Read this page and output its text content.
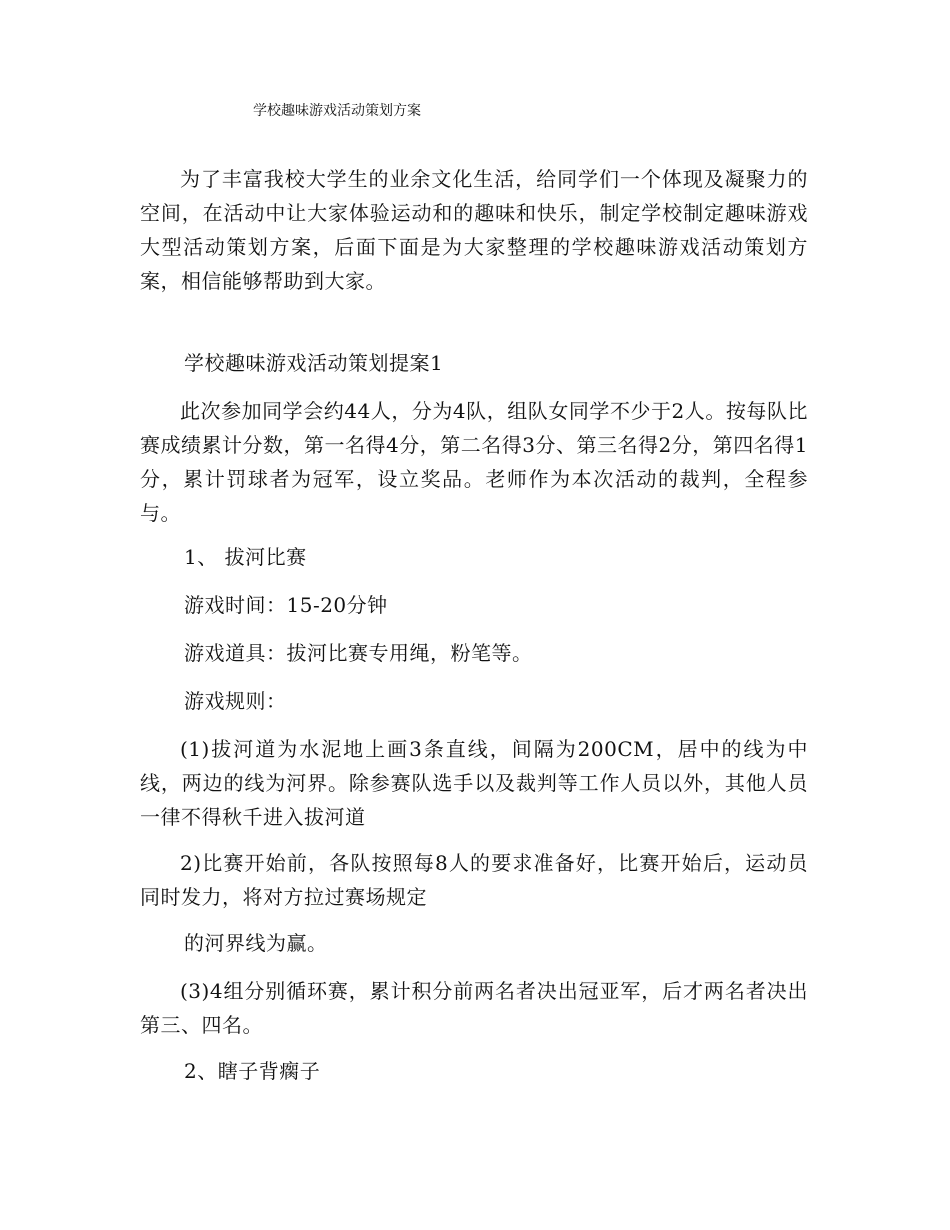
学校趣味游戏活动策划方案

为了丰富我校大学生的业余文化生活，给同学们一个体现及凝聚力的空间，在活动中让大家体验运动和的趣味和快乐，制定学校制定趣味游戏大型活动策划方案，后面下面是为大家整理的学校趣味游戏活动策划方案，相信能够帮助到大家。

学校趣味游戏活动策划提案1

此次参加同学会约44人，分为4队，组队女同学不少于2人。按每队比赛成绩累计分数，第一名得4分，第二名得3分、第三名得2分，第四名得1分，累计罚球者为冠军，设立奖品。老师作为本次活动的裁判，全程参与。

1、 拔河比赛
游戏时间：15-20分钟
游戏道具：拔河比赛专用绳，粉笔等。
游戏规则：

(1)拔河道为水泥地上画3条直线，间隔为200CM，居中的线为中线，两边的线为河界。除参赛队选手以及裁判等工作人员以外，其他人员一律不得秋千进入拔河道

2)比赛开始前，各队按照每8人的要求准备好，比赛开始后，运动员同时发力，将对方拉过赛场规定

的河界线为赢。

(3)4组分别循环赛，累计积分前两名者决出冠亚军，后才两名者决出第三、四名。

2、瞎子背瘸子
